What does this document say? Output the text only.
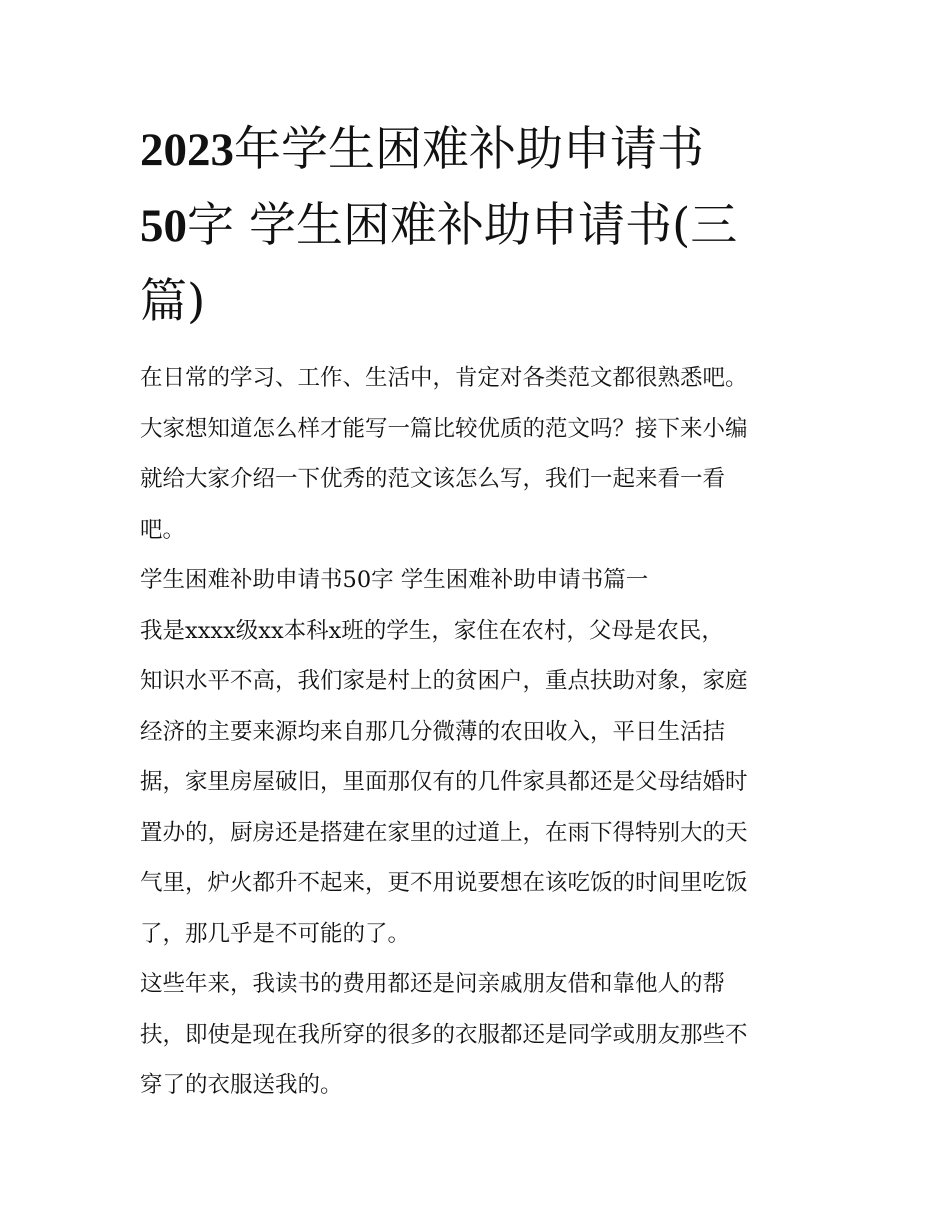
2023年学生困难补助申请书
50字 学生困难补助申请书(三
篇)

在日常的学习、工作、生活中，肯定对各类范文都很熟悉吧。
大家想知道怎么样才能写一篇比较优质的范文吗？接下来小编
就给大家介绍一下优秀的范文该怎么写，我们一起来看一看
吧。

学生困难补助申请书50字 学生困难补助申请书篇一

我是xxxx级xx本科x班的学生，家住在农村，父母是农民，
知识水平不高，我们家是村上的贫困户，重点扶助对象，家庭
经济的主要来源均来自那几分微薄的农田收入，平日生活拮
据，家里房屋破旧，里面那仅有的几件家具都还是父母结婚时
置办的，厨房还是搭建在家里的过道上，在雨下得特别大的天
气里，炉火都升不起来，更不用说要想在该吃饭的时间里吃饭
了，那几乎是不可能的了。

这些年来，我读书的费用都还是问亲戚朋友借和靠他人的帮
扶，即使是现在我所穿的很多的衣服都还是同学或朋友那些不
穿了的衣服送我的。
